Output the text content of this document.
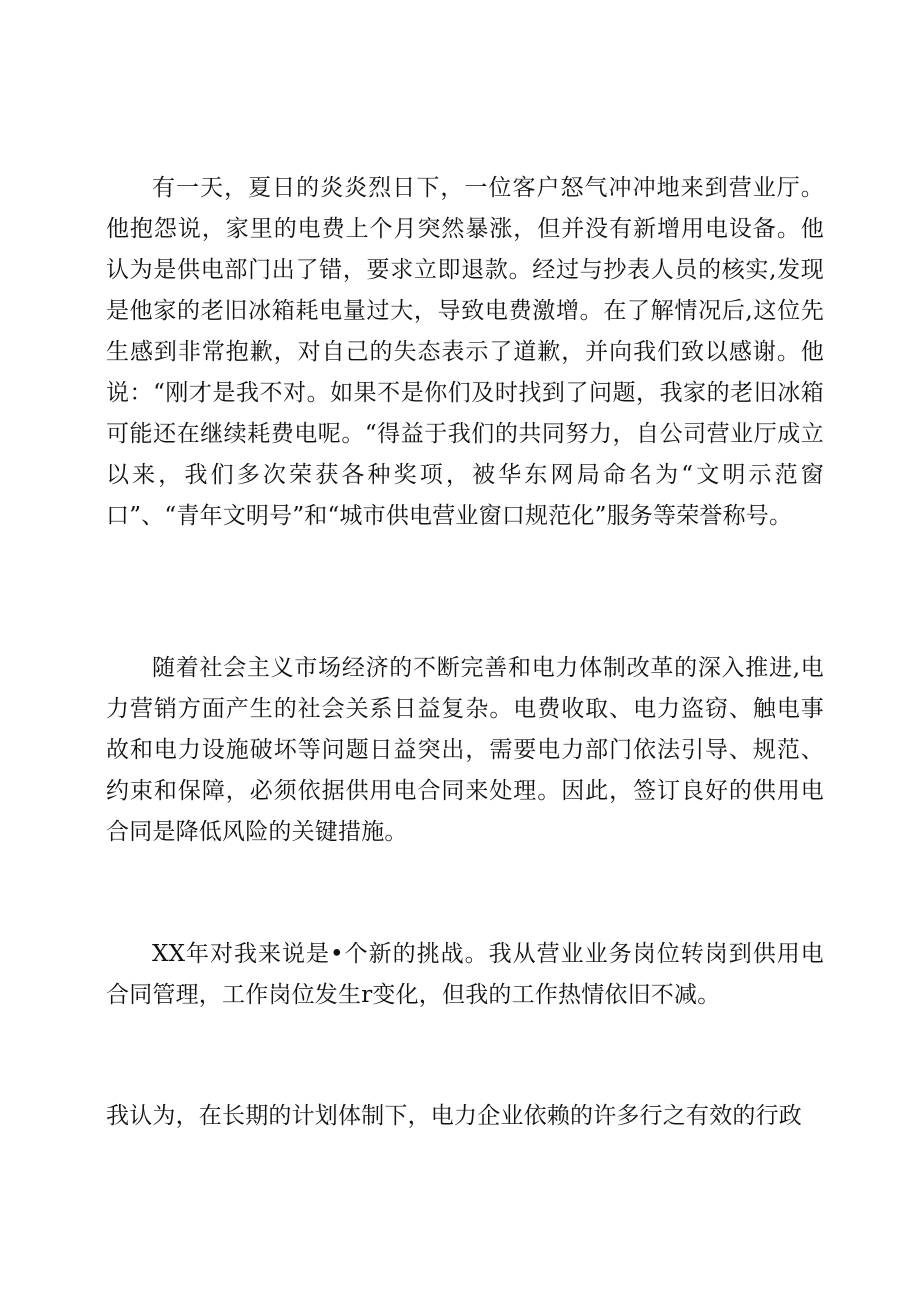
有一天，夏日的炎炎烈日下，一位客户怒气冲冲地来到营业厅。他抱怨说，家里的电费上个月突然暴涨，但并没有新增用电设备。他认为是供电部门出了错，要求立即退款。经过与抄表人员的核实,发现是他家的老旧冰箱耗电量过大，导致电费激增。在了解情况后,这位先生感到非常抱歉，对自己的失态表示了道歉，并向我们致以感谢。他说：“刚才是我不对。如果不是你们及时找到了问题，我家的老旧冰箱可能还在继续耗费电呢。“得益于我们的共同努力，自公司营业厅成立以来，我们多次荣获各种奖项，被华东网局命名为“文明示范窗口”、“青年文明号”和“城市供电营业窗口规范化”服务等荣誉称号。

随着社会主义市场经济的不断完善和电力体制改革的深入推进,电力营销方面产生的社会关系日益复杂。电费收取、电力盗窃、触电事故和电力设施破坏等问题日益突出，需要电力部门依法引导、规范、约束和保障，必须依据供用电合同来处理。因此，签订良好的供用电合同是降低风险的关键措施。

XX年对我来说是•个新的挑战。我从营业业务岗位转岗到供用电合同管理，工作岗位发生r变化，但我的工作热情依旧不减。

我认为，在长期的计划体制下，电力企业依赖的许多行之有效的行政
